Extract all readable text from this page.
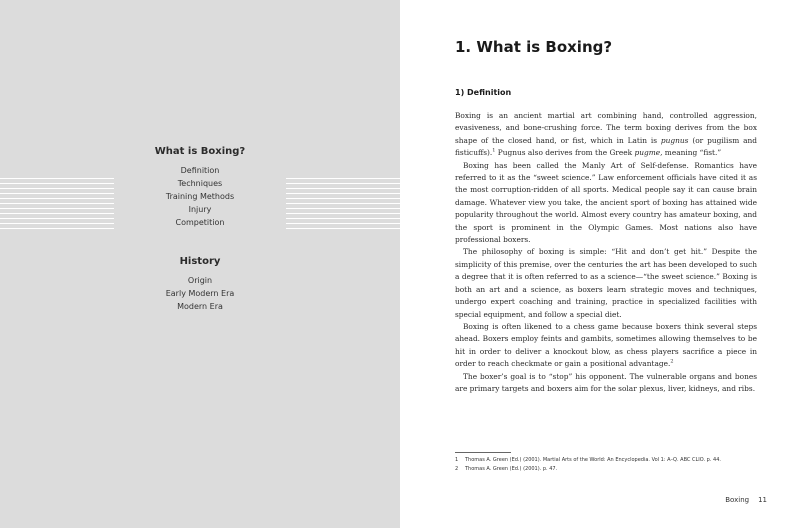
What is Boxing?
Definition
Techniques
Training Methods
Injury
Competition
History
Origin
Early Modern Era
Modern Era
1. What is Boxing?
1) Definition

Boxing is an ancient martial art combining hand, controlled aggression, evasiveness, and bone-crushing force. The term boxing derives from the box shape of the closed hand, or fist, which in Latin is pugnus (or pugilism and fisticuffs).$^1$ Pugnus also derives from the Greek pugme, meaning “fist.”

Boxing has been called the Manly Art of Self-defense. Romantics have referred to it as the “sweet science.” Law enforcement officials have cited it as the most corruption-ridden of all sports. Medical people say it can cause brain damage. Whatever view you take, the ancient sport of boxing has attained wide popularity throughout the world. Almost every country has amateur boxing, and the sport is prominent in the Olympic Games. Most nations also have professional boxers.

The philosophy of boxing is simple: “Hit and don’t get hit.” Despite the simplicity of this premise, over the centuries the art has been developed to such a degree that it is often referred to as a science—“the sweet science.” Boxing is both an art and a science, as boxers learn strategic moves and techniques, undergo expert coaching and training, practice in specialized facilities with special equipment, and follow a special diet.

Boxing is often likened to a chess game because boxers think several steps ahead. Boxers employ feints and gambits, sometimes allowing themselves to be hit in order to deliver a knockout blow, as chess players sacrifice a piece in order to reach checkmate or gain a positional advantage.$^2$

The boxer’s goal is to “stop” his opponent. The vulnerable organs and bones are primary targets and boxers aim for the solar plexus, liver, kidneys, and ribs.

1 Thomas A. Green (Ed.) (2001). Martial Arts of the World: An Encyclopedia. Vol 1: A–Q. ABC CLIO. p. 44.
2 Thomas A. Green (Ed.) (2001). p. 47.
Boxing 11
